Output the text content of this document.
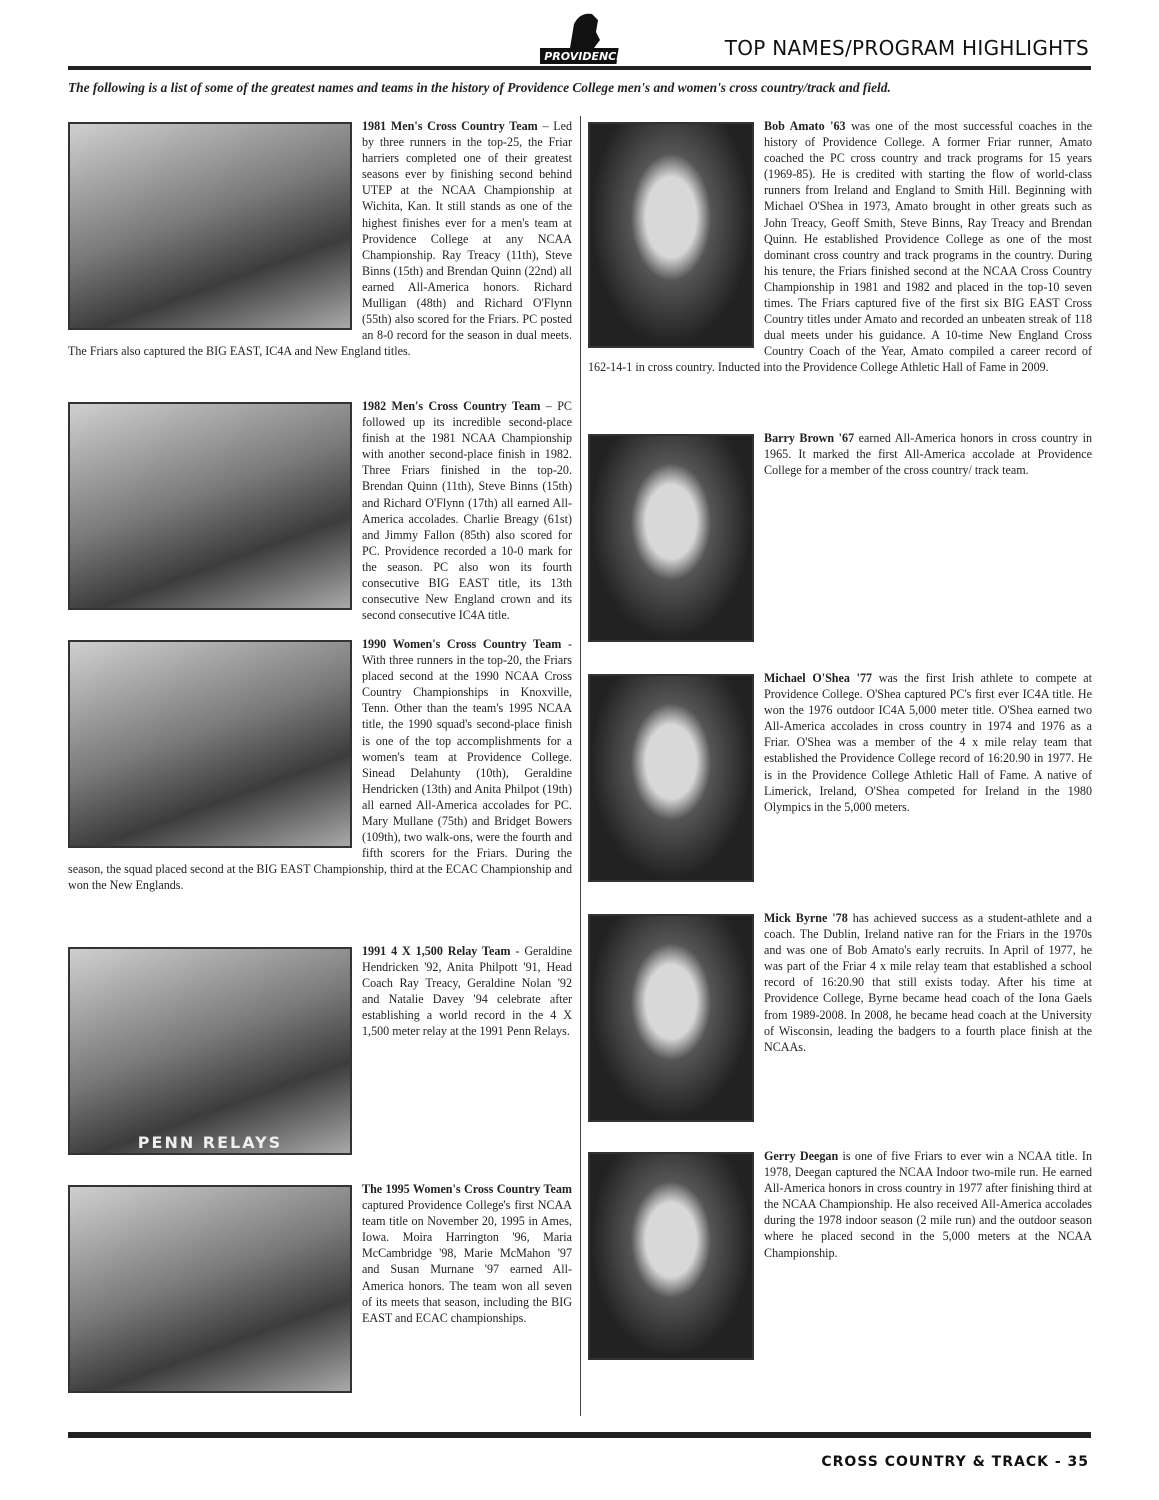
PROVIDENCE	TOP NAMES/PROGRAM HIGHLIGHTS
The following is a list of some of the greatest names and teams in the history of Providence College men's and women's cross country/track and field.
1981 Men's Cross Country Team – Led by three runners in the top-25, the Friar harriers completed one of their greatest seasons ever by finishing second behind UTEP at the NCAA Championship at Wichita, Kan. It still stands as one of the highest finishes ever for a men's team at Providence College at any NCAA Championship. Ray Treacy (11th), Steve Binns (15th) and Brendan Quinn (22nd) all earned All-America honors. Richard Mulligan (48th) and Richard O'Flynn (55th) also scored for the Friars. PC posted an 8-0 record for the season in dual meets. The Friars also captured the BIG EAST, IC4A and New England titles.
1982 Men's Cross Country Team – PC followed up its incredible second-place finish at the 1981 NCAA Championship with another second-place finish in 1982. Three Friars finished in the top-20. Brendan Quinn (11th), Steve Binns (15th) and Richard O'Flynn (17th) all earned All-America accolades. Charlie Breagy (61st) and Jimmy Fallon (85th) also scored for PC. Providence recorded a 10-0 mark for the season. PC also won its fourth consecutive BIG EAST title, its 13th consecutive New England crown and its second consecutive IC4A title.
1990 Women's Cross Country Team - With three runners in the top-20, the Friars placed second at the 1990 NCAA Cross Country Championships in Knoxville, Tenn. Other than the team's 1995 NCAA title, the 1990 squad's second-place finish is one of the top accomplishments for a women's team at Providence College. Sinead Delahunty (10th), Geraldine Hendricken (13th) and Anita Philpot (19th) all earned All-America accolades for PC. Mary Mullane (75th) and Bridget Bowers (109th), two walk-ons, were the fourth and fifth scorers for the Friars. During the season, the squad placed second at the BIG EAST Championship, third at the ECAC Championship and won the New Englands.
PENN RELAYS
1991 4 X 1,500 Relay Team - Geraldine Hendricken '92, Anita Philpott '91, Head Coach Ray Treacy, Geraldine Nolan '92 and Natalie Davey '94 celebrate after establishing a world record in the 4 X 1,500 meter relay at the 1991 Penn Relays.
The 1995 Women's Cross Country Team captured Providence College's first NCAA team title on November 20, 1995 in Ames, Iowa. Moira Harrington '96, Maria McCambridge '98, Marie McMahon '97 and Susan Murnane '97 earned All-America honors. The team won all seven of its meets that season, including the BIG EAST and ECAC championships.
Bob Amato '63 was one of the most successful coaches in the history of Providence College. A former Friar runner, Amato coached the PC cross country and track programs for 15 years (1969-85). He is credited with starting the flow of world-class runners from Ireland and England to Smith Hill. Beginning with Michael O'Shea in 1973, Amato brought in other greats such as John Treacy, Geoff Smith, Steve Binns, Ray Treacy and Brendan Quinn. He established Providence College as one of the most dominant cross country and track programs in the country. During his tenure, the Friars finished second at the NCAA Cross Country Championship in 1981 and 1982 and placed in the top-10 seven times. The Friars captured five of the first six BIG EAST Cross Country titles under Amato and recorded an unbeaten streak of 118 dual meets under his guidance. A 10-time New England Cross Country Coach of the Year, Amato compiled a career record of 162-14-1 in cross country. Inducted into the Providence College Athletic Hall of Fame in 2009.
Barry Brown '67 earned All-America honors in cross country in 1965. It marked the first All-America accolade at Providence College for a member of the cross country/ track team.
Michael O'Shea '77 was the first Irish athlete to compete at Providence College. O'Shea captured PC's first ever IC4A title. He won the 1976 outdoor IC4A 5,000 meter title. O'Shea earned two All-America accolades in cross country in 1974 and 1976 as a Friar. O'Shea was a member of the 4 x mile relay team that established the Providence College record of 16:20.90 in 1977. He is in the Providence College Athletic Hall of Fame. A native of Limerick, Ireland, O'Shea competed for Ireland in the 1980 Olympics in the 5,000 meters.
Mick Byrne '78 has achieved success as a student-athlete and a coach. The Dublin, Ireland native ran for the Friars in the 1970s and was one of Bob Amato's early recruits. In April of 1977, he was part of the Friar 4 x mile relay team that established a school record of 16:20.90 that still exists today. After his time at Providence College, Byrne became head coach of the Iona Gaels from 1989-2008. In 2008, he became head coach at the University of Wisconsin, leading the badgers to a fourth place finish at the NCAAs.
Gerry Deegan is one of five Friars to ever win a NCAA title. In 1978, Deegan captured the NCAA Indoor two-mile run. He earned All-America honors in cross country in 1977 after finishing third at the NCAA Championship. He also received All-America accolades during the 1978 indoor season (2 mile run) and the outdoor season where he placed second in the 5,000 meters at the NCAA Championship.
CROSS COUNTRY & TRACK - 35
